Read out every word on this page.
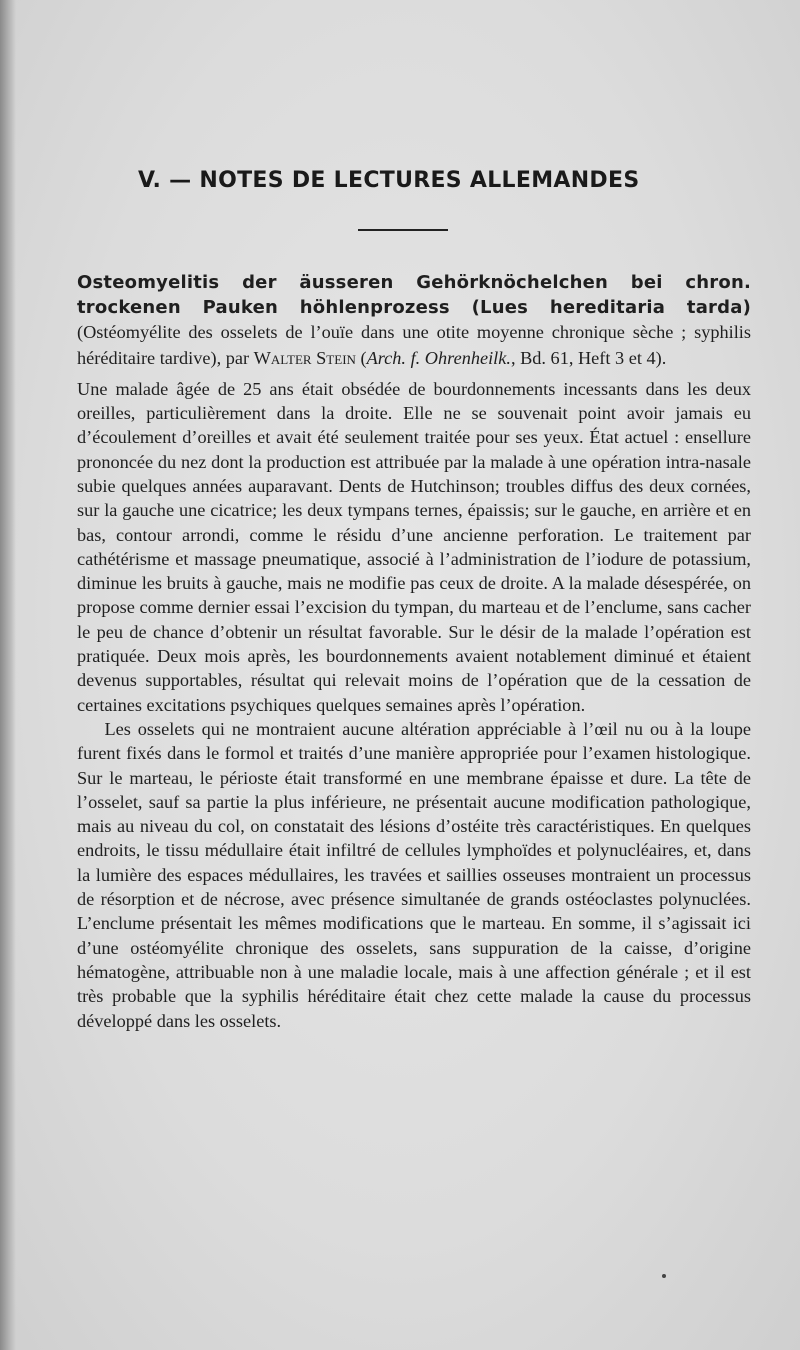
V. — NOTES DE LECTURES ALLEMANDES

Osteomyelitis der äusseren Gehörknöchelchen bei chron. trockenen Pauken höhlenprozess (Lues hereditaria tarda) (Ostéomyélite des osselets de l’ouïe dans une otite moyenne chronique sèche ; syphilis héréditaire tardive), par Walter Stein (Arch. f. Ohrenheilk., Bd. 61, Heft 3 et 4).

Une malade âgée de 25 ans était obsédée de bourdonnements incessants dans les deux oreilles, particulièrement dans la droite. Elle ne se souvenait point avoir jamais eu d’écoulement d’oreilles et avait été seulement traitée pour ses yeux. État actuel : ensellure prononcée du nez dont la production est attribuée par la malade à une opération intra-nasale subie quelques années auparavant. Dents de Hutchinson; troubles diffus des deux cornées, sur la gauche une cicatrice; les deux tympans ternes, épaissis; sur le gauche, en arrière et en bas, contour arrondi, comme le résidu d’une ancienne perforation. Le traitement par cathétérisme et massage pneumatique, associé à l’administration de l’iodure de potassium, diminue les bruits à gauche, mais ne modifie pas ceux de droite. A la malade désespérée, on propose comme dernier essai l’excision du tympan, du marteau et de l’enclume, sans cacher le peu de chance d’obtenir un résultat favorable. Sur le désir de la malade l’opération est pratiquée. Deux mois après, les bourdonnements avaient notablement diminué et étaient devenus supportables, résultat qui relevait moins de l’opération que de la cessation de certaines excitations psychiques quelques semaines après l’opération.

Les osselets qui ne montraient aucune altération appréciable à l’œil nu ou à la loupe furent fixés dans le formol et traités d’une manière appropriée pour l’examen histologique. Sur le marteau, le périoste était transformé en une membrane épaisse et dure. La tête de l’osselet, sauf sa partie la plus inférieure, ne présentait aucune modification pathologique, mais au niveau du col, on constatait des lésions d’ostéite très caractéristiques. En quelques endroits, le tissu médullaire était infiltré de cellules lymphoïdes et polynucléaires, et, dans la lumière des espaces médullaires, les travées et saillies osseuses montraient un processus de résorption et de nécrose, avec présence simultanée de grands ostéoclastes polynuclées. L’enclume présentait les mêmes modifications que le marteau. En somme, il s’agissait ici d’une ostéomyélite chronique des osselets, sans suppuration de la caisse, d’origine hématogène, attribuable non à une maladie locale, mais à une affection générale ; et il est très probable que la syphilis héréditaire était chez cette malade la cause du processus développé dans les osselets.
